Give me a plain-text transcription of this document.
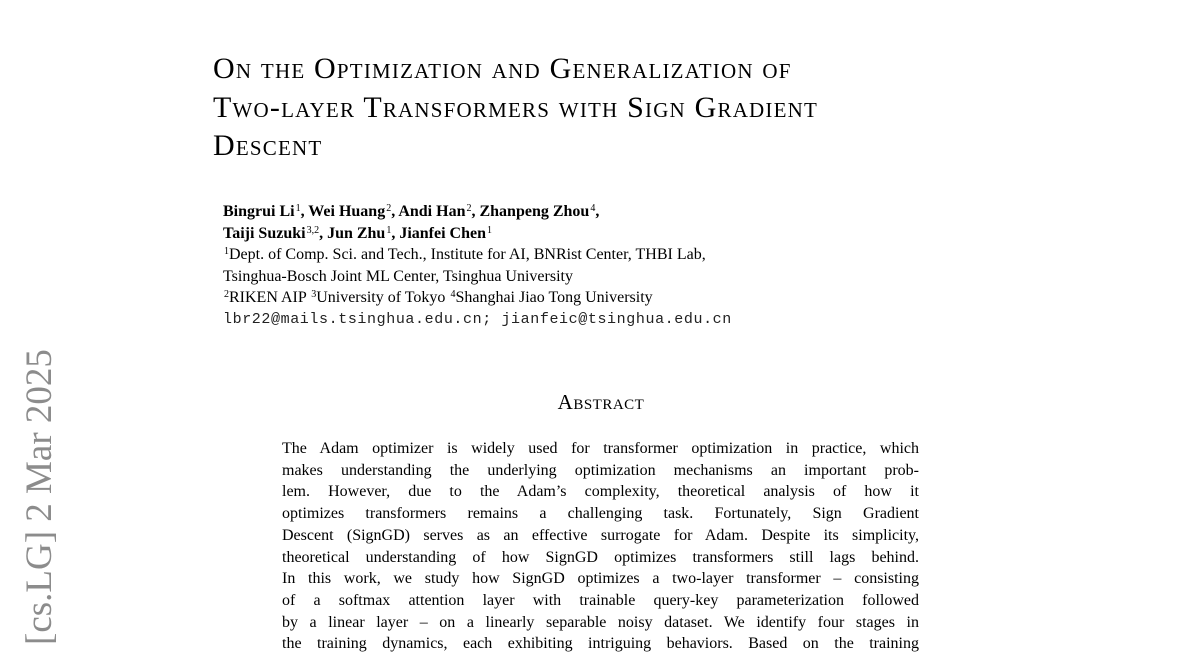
[cs.LG] 2 Mar 2025
On the Optimization and Generalization of
Two-layer Transformers with Sign Gradient
Descent
Bingrui Li$^1$, Wei Huang$^2$, Andi Han$^2$, Zhanpeng Zhou$^4$,
Taiji Suzuki$^{3,2}$, Jun Zhu$^1$, Jianfei Chen$^1$
$^1$Dept. of Comp. Sci. and Tech., Institute for AI, BNRist Center, THBI Lab,
Tsinghua-Bosch Joint ML Center, Tsinghua University
$^2$RIKEN AIP $^3$University of Tokyo $^4$Shanghai Jiao Tong University
lbr22@mails.tsinghua.edu.cn; jianfeic@tsinghua.edu.cn
Abstract
The Adam optimizer is widely used for transformer optimization in practice, which
makes understanding the underlying optimization mechanisms an important prob-
lem. However, due to the Adam’s complexity, theoretical analysis of how it
optimizes transformers remains a challenging task. Fortunately, Sign Gradient
Descent (SignGD) serves as an effective surrogate for Adam. Despite its simplicity,
theoretical understanding of how SignGD optimizes transformers still lags behind.
In this work, we study how SignGD optimizes a two-layer transformer – consisting
of a softmax attention layer with trainable query-key parameterization followed
by a linear layer – on a linearly separable noisy dataset. We identify four stages in
the training dynamics, each exhibiting intriguing behaviors. Based on the training
